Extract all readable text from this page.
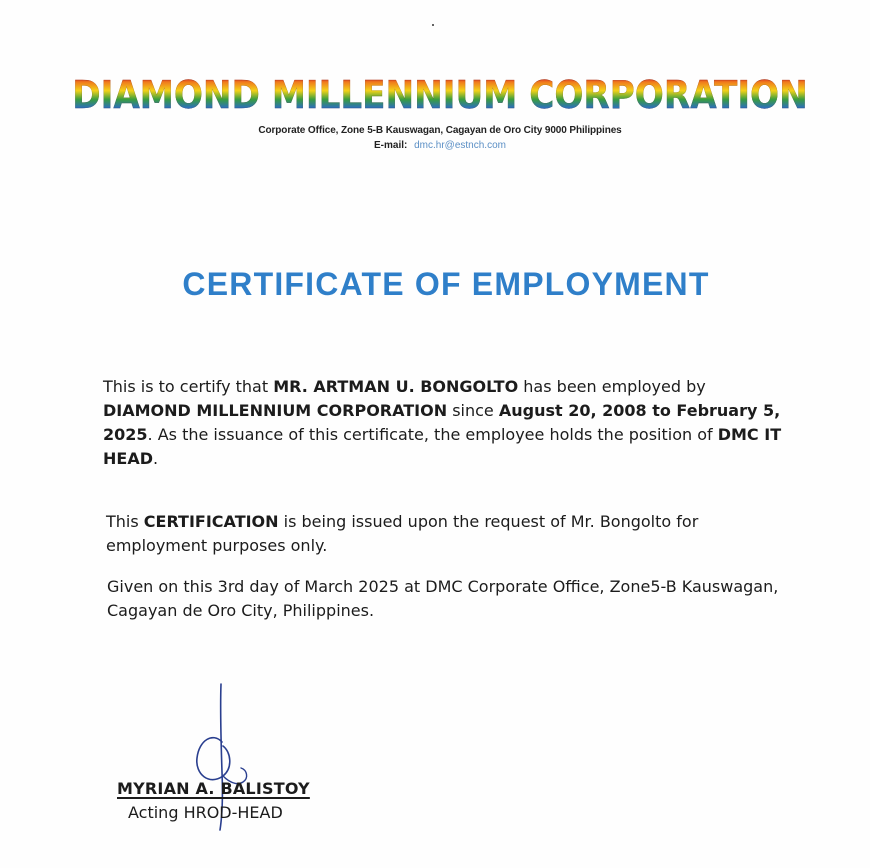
DIAMOND MILLENNIUM CORPORATION
Corporate Office, Zone 5-B Kauswagan, Cagayan de Oro City 9000 Philippines
E-mail: dmc.hr@estnch.com
CERTIFICATE OF EMPLOYMENT
This is to certify that MR. ARTMAN U. BONGOLTO has been employed by DIAMOND MILLENNIUM CORPORATION since August 20, 2008 to February 5, 2025. As the issuance of this certificate, the employee holds the position of DMC IT HEAD.
This CERTIFICATION is being issued upon the request of Mr. Bongolto for employment purposes only.
Given on this 3rd day of March 2025 at DMC Corporate Office, Zone5-B Kauswagan, Cagayan de Oro City, Philippines.
MYRIAN A. BALISTOY
Acting HROD-HEAD
